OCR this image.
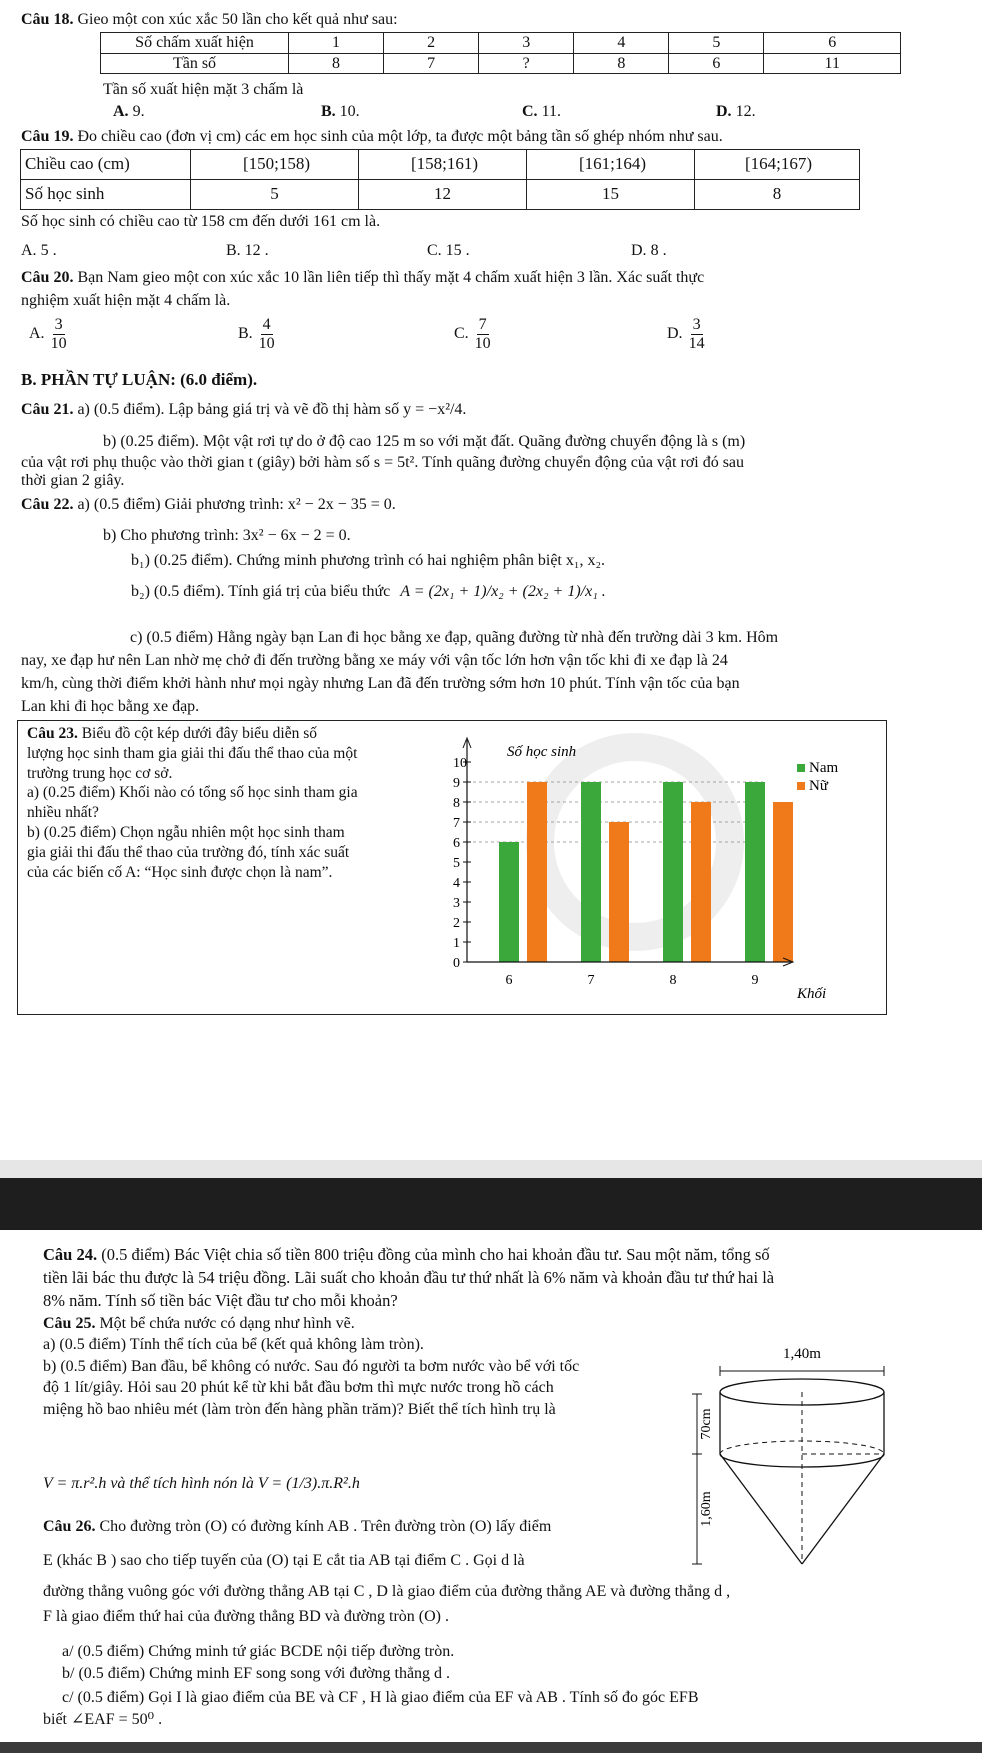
Câu 18. Gieo một con xúc xắc 50 lần cho kết quả như sau:
Số chấm xuất hiện	1	2	3	4	5	6
Tần số	8	7	?	8	6	11
Tần số xuất hiện mặt 3 chấm là
A. 9.	B. 10.	C. 11.	D. 12.
Câu 19. Đo chiều cao (đơn vị cm) các em học sinh của một lớp, ta được một bảng tần số ghép nhóm như sau.
Chiều cao (cm)	[150;158)	[158;161)	[161;164)	[164;167)
Số học sinh	5	12	15	8
Số học sinh có chiều cao từ 158 cm đến dưới 161 cm là.
A. 5 .	B. 12 .	C. 15 .	D. 8 .
Câu 20. Bạn Nam gieo một con xúc xắc 10 lần liên tiếp thì thấy mặt 4 chấm xuất hiện 3 lần. Xác suất thực
nghiệm xuất hiện mặt 4 chấm là.
A. $\frac{3}{10}$	B. $\frac{4}{10}$	C. $\frac{7}{10}$	D. $\frac{3}{14}$
B. PHẦN TỰ LUẬN: (6.0 điểm).
Câu 21. a) (0.5 điểm). Lập bảng giá trị và vẽ đồ thị hàm số y = −x²/4.
b) (0.25 điểm). Một vật rơi tự do ở độ cao 125 m so với mặt đất. Quãng đường chuyển động là s (m)
của vật rơi phụ thuộc vào thời gian t (giây) bởi hàm số s = 5t². Tính quãng đường chuyển động của vật rơi đó sau
thời gian 2 giây.
Câu 22. a) (0.5 điểm) Giải phương trình: x² − 2x − 35 = 0.
b) Cho phương trình: 3x² − 6x − 2 = 0.
b₁) (0.25 điểm). Chứng minh phương trình có hai nghiệm phân biệt x₁, x₂.
b₂) (0.5 điểm). Tính giá trị của biểu thức A = (2x₁ + 1)/x₂ + (2x₂ + 1)/x₁ .
c) (0.5 điểm) Hằng ngày bạn Lan đi học bằng xe đạp, quãng đường từ nhà đến trường dài 3 km. Hôm
nay, xe đạp hư nên Lan nhờ mẹ chở đi đến trường bằng xe máy với vận tốc lớn hơn vận tốc khi đi xe đạp là 24
km/h, cùng thời điểm khởi hành như mọi ngày nhưng Lan đã đến trường sớm hơn 10 phút. Tính vận tốc của bạn
Lan khi đi học bằng xe đạp.
Câu 23. Biểu đồ cột kép dưới đây biểu diễn số
lượng học sinh tham gia giải thi đấu thể thao của một
trường trung học cơ sở.
a) (0.25 điểm) Khối nào có tổng số học sinh tham gia
nhiều nhất?
b) (0.25 điểm) Chọn ngẫu nhiên một học sinh tham
gia giải thi đấu thể thao của trường đó, tính xác suất
của các biến cố A: “Học sinh được chọn là nam”.
Số học sinh
0
1
2
3
4
5
6
7
8
9
10
6	7	8	9
Khối
Nam
Nữ
Câu 24. (0.5 điểm) Bác Việt chia số tiền 800 triệu đồng của mình cho hai khoản đầu tư. Sau một năm, tổng số
tiền lãi bác thu được là 54 triệu đồng. Lãi suất cho khoản đầu tư thứ nhất là 6% năm và khoản đầu tư thứ hai là
8% năm. Tính số tiền bác Việt đầu tư cho mỗi khoản?
Câu 25. Một bể chứa nước có dạng như hình vẽ.
a) (0.5 điểm) Tính thể tích của bể (kết quả không làm tròn).
b) (0.5 điểm) Ban đầu, bể không có nước. Sau đó người ta bơm nước vào bể với tốc
độ 1 lít/giây. Hỏi sau 20 phút kể từ khi bắt đầu bơm thì mực nước trong hồ cách
miệng hồ bao nhiêu mét (làm tròn đến hàng phần trăm)? Biết thể tích hình trụ là
V = π.r².h và thể tích hình nón là V = (1/3).π.R².h
1,40m
70cm
1,60m
Câu 26. Cho đường tròn (O) có đường kính AB . Trên đường tròn (O) lấy điểm
E (khác B ) sao cho tiếp tuyến của (O) tại E cắt tia AB tại điểm C . Gọi d là
đường thẳng vuông góc với đường thẳng AB tại C , D là giao điểm của đường thẳng AE và đường thẳng d ,
F là giao điểm thứ hai của đường thẳng BD và đường tròn (O) .
a/ (0.5 điểm) Chứng minh tứ giác BCDE nội tiếp đường tròn.
b/ (0.5 điểm) Chứng minh EF song song với đường thẳng d .
c/ (0.5 điểm) Gọi I là giao điểm của BE và CF , H là giao điểm của EF và AB . Tính số đo góc EFB
biết ∠EAF = 50⁰ .
